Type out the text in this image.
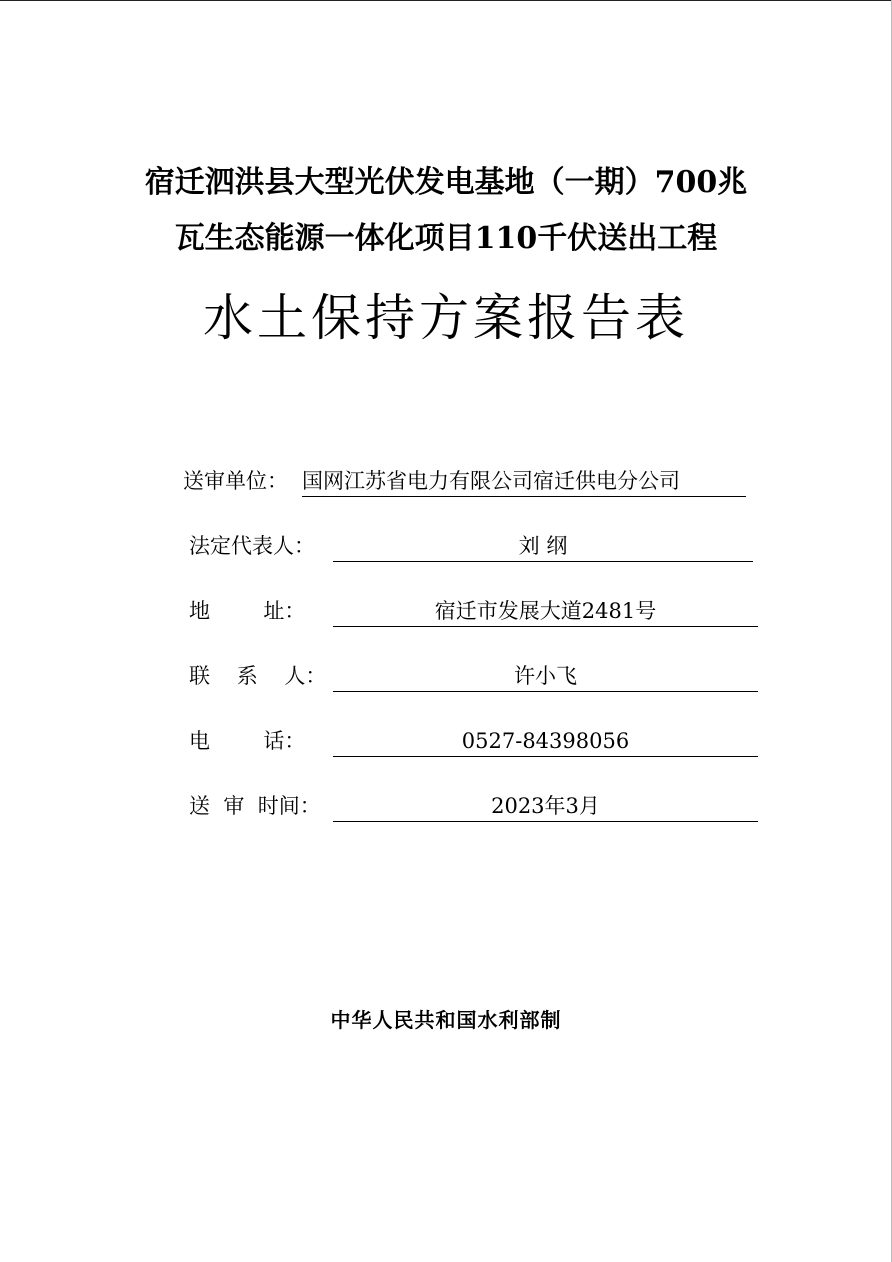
宿迁泗洪县大型光伏发电基地（一期）700兆
瓦生态能源一体化项目110千伏送出工程
水土保持方案报告表
送审单位： 国网江苏省电力有限公司宿迁供电分公司
法定代表人：	刘 纲
地        址：	宿迁市发展大道2481号
联    系    人：	许小飞
电        话：	0527-84398056
送  审  时间：	2023年3月
中华人民共和国水利部制
